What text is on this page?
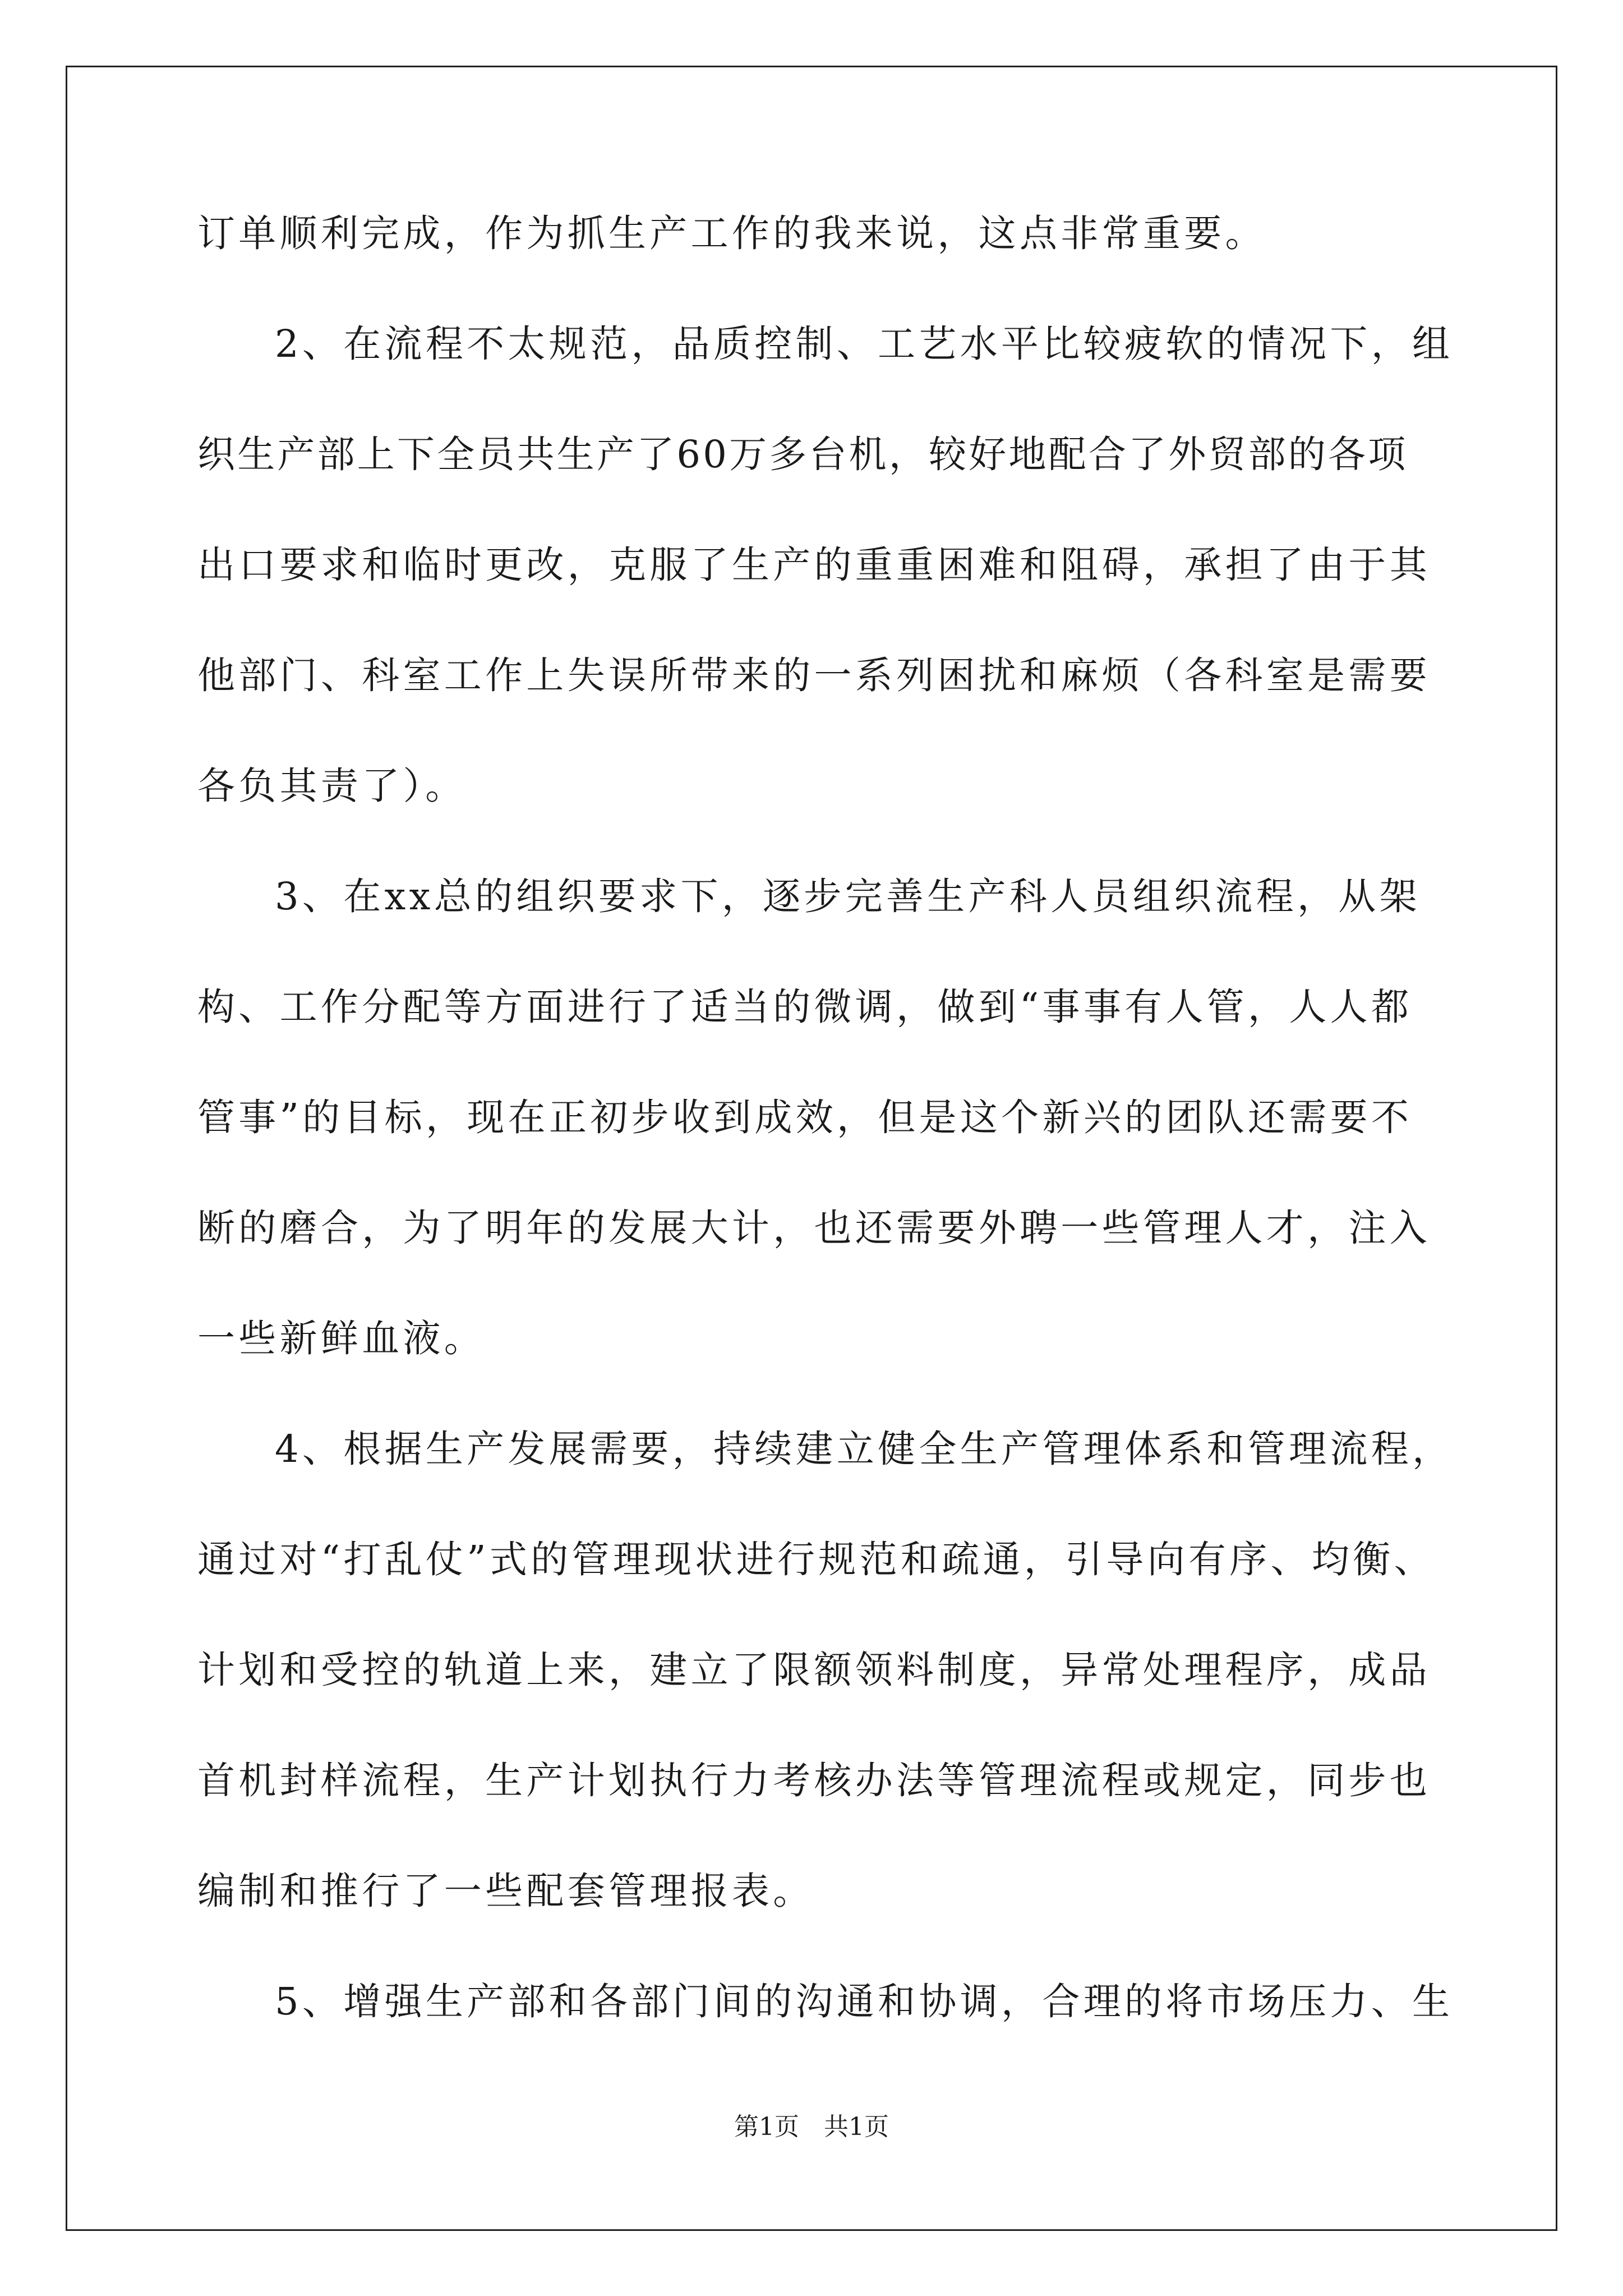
订单顺利完成，作为抓生产工作的我来说，这点非常重要。
2、在流程不太规范，品质控制、工艺水平比较疲软的情况下，组
织生产部上下全员共生产了60万多台机，较好地配合了外贸部的各项
出口要求和临时更改，克服了生产的重重困难和阻碍，承担了由于其
他部门、科室工作上失误所带来的一系列困扰和麻烦（各科室是需要
各负其责了）。
3、在xx总的组织要求下，逐步完善生产科人员组织流程，从架
构、工作分配等方面进行了适当的微调，做到“事事有人管，人人都
管事”的目标，现在正初步收到成效，但是这个新兴的团队还需要不
断的磨合，为了明年的发展大计，也还需要外聘一些管理人才，注入
一些新鲜血液。
4、根据生产发展需要，持续建立健全生产管理体系和管理流程，
通过对“打乱仗”式的管理现状进行规范和疏通，引导向有序、均衡、
计划和受控的轨道上来，建立了限额领料制度，异常处理程序，成品
首机封样流程，生产计划执行力考核办法等管理流程或规定，同步也
编制和推行了一些配套管理报表。
5、增强生产部和各部门间的沟通和协调，合理的将市场压力、生
第1页　共1页
